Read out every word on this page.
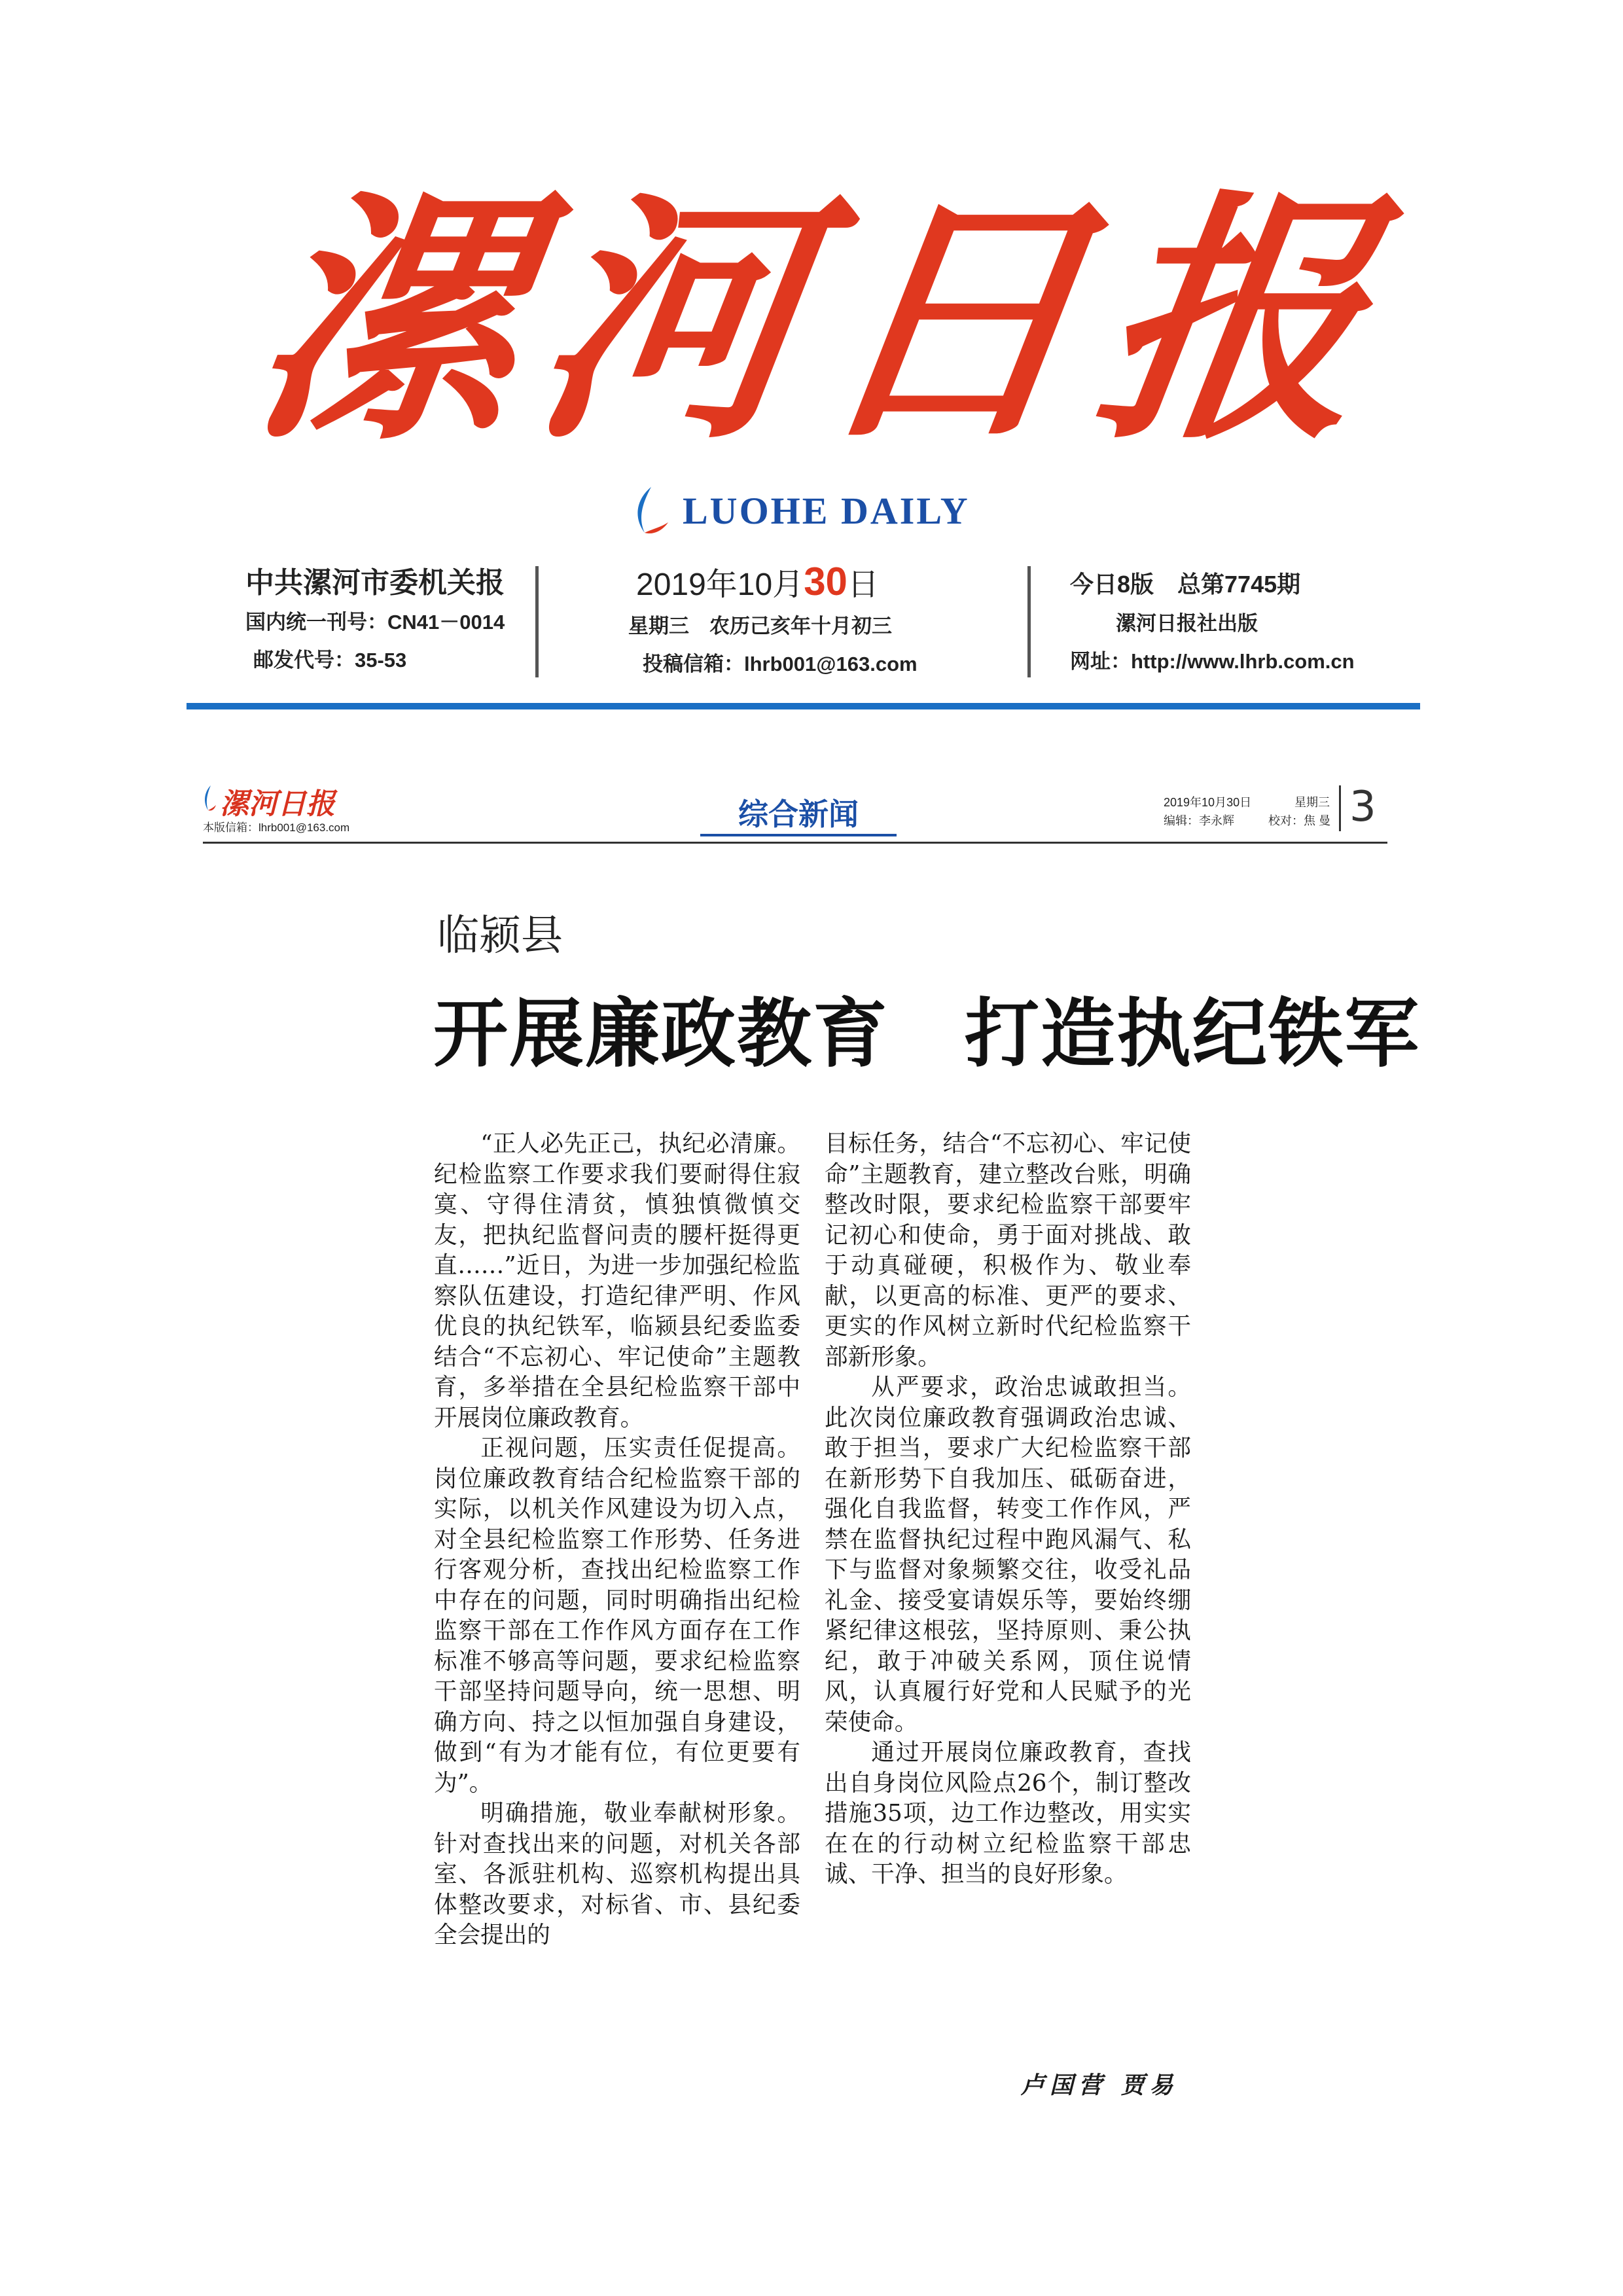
漯
河
日
报
LUOHE DAILY
中共漯河市委机关报
国内统一刊号：CN41－0014
邮发代号：35-53
2019年10月30日
星期三　农历己亥年十月初三
投稿信箱：lhrb001@163.com
今日8版　总第7745期
漯河日报社出版
网址：http://www.lhrb.com.cn
漯河日报
本版信箱：lhrb001@163.com	综合新闻	2019年10月30日	星期三
编辑：李永辉	校对：焦 曼 3
临颍县
开展廉政教育　打造执纪铁军

“正人必先正己，执纪必清廉。纪检监察工作要求我们要耐得住寂寞、守得住清贫，慎独慎微慎交友，把执纪监督问责的腰杆挺得更直……”近日，为进一步加强纪检监察队伍建设，打造纪律严明、作风优良的执纪铁军，临颍县纪委监委结合“不忘初心、牢记使命”主题教育，多举措在全县纪检监察干部中开展岗位廉政教育。

正视问题，压实责任促提高。岗位廉政教育结合纪检监察干部的实际，以机关作风建设为切入点，对全县纪检监察工作形势、任务进行客观分析，查找出纪检监察工作中存在的问题，同时明确指出纪检监察干部在工作作风方面存在工作标准不够高等问题，要求纪检监察干部坚持问题导向，统一思想、明确方向、持之以恒加强自身建设，做到“有为才能有位，有位更要有为”。

明确措施，敬业奉献树形象。针对查找出来的问题，对机关各部室、各派驻机构、巡察机构提出具体整改要求，对标省、市、县纪委全会提出的

目标任务，结合“不忘初心、牢记使命”主题教育，建立整改台账，明确整改时限，要求纪检监察干部要牢记初心和使命，勇于面对挑战、敢于动真碰硬，积极作为、敬业奉献，以更高的标准、更严的要求、更实的作风树立新时代纪检监察干部新形象。

从严要求，政治忠诚敢担当。此次岗位廉政教育强调政治忠诚、敢于担当，要求广大纪检监察干部在新形势下自我加压、砥砺奋进，强化自我监督，转变工作作风，严禁在监督执纪过程中跑风漏气、私下与监督对象频繁交往，收受礼品礼金、接受宴请娱乐等，要始终绷紧纪律这根弦，坚持原则、秉公执纪，敢于冲破关系网，顶住说情风，认真履行好党和人民赋予的光荣使命。

通过开展岗位廉政教育，查找出自身岗位风险点26个，制订整改措施35项，边工作边整改，用实实在在的行动树立纪检监察干部忠诚、干净、担当的良好形象。

卢国营 贾易
